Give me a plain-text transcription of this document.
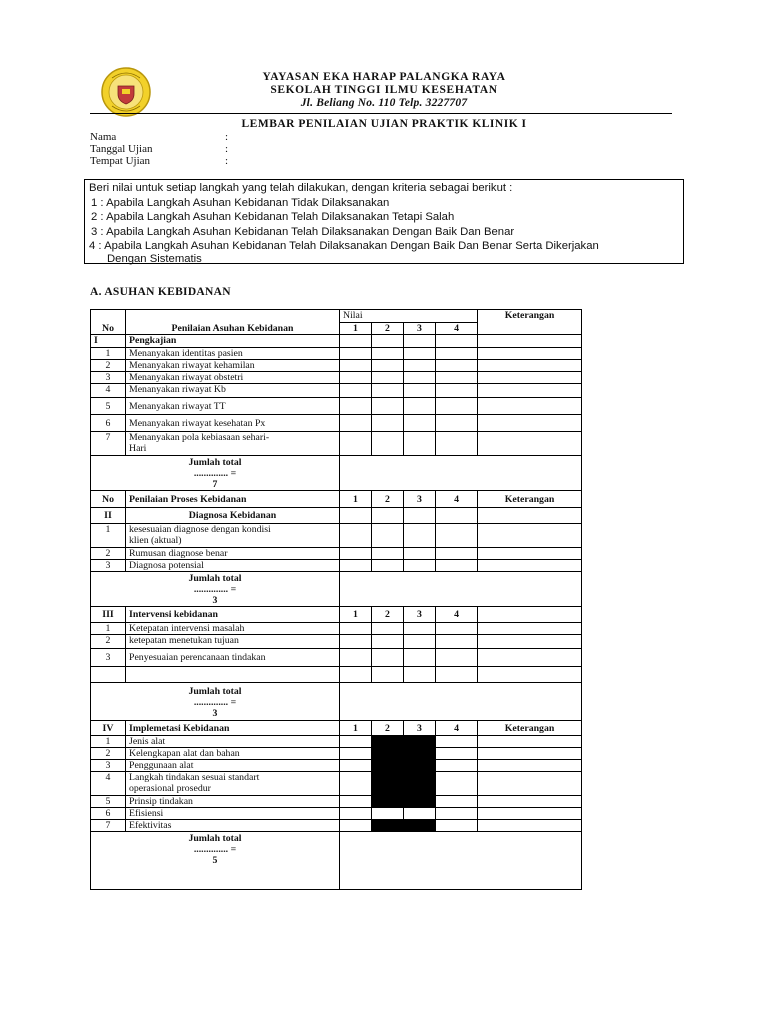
YAYASAN EKA HARAP PALANGKA RAYA
SEKOLAH TINGGI ILMU KESEHATAN
Jl. Beliang No. 110 Telp. 3227707
LEMBAR PENILAIAN UJIAN PRAKTIK KLINIK I
Nama	:
Tanggal Ujian	:
Tempat Ujian	:
Beri nilai untuk setiap langkah yang telah dilakukan, dengan kriteria sebagai berikut :
1 : Apabila Langkah Asuhan Kebidanan Tidak Dilaksanakan
2 : Apabila Langkah Asuhan Kebidanan Telah Dilaksanakan Tetapi Salah
3 : Apabila Langkah Asuhan Kebidanan Telah Dilaksanakan Dengan Baik Dan Benar
4 : Apabila Langkah Asuhan Kebidanan Telah Dilaksanakan Dengan Baik Dan Benar Serta Dikerjakan
Dengan Sistematis
A. ASUHAN KEBIDANAN
No	Penilaian Asuhan Kebidanan	Nilai				Keterangan
		1	2	3	4	
I	Pengkajian					
1	Menanyakan identitas pasien					
2	Menanyakan riwayat kehamilan					
3	Menanyakan riwayat obstetri					
4	Menanyakan riwayat Kb					
5	Menanyakan riwayat TT					
6	Menanyakan riwayat kesehatan Px					
7	Menanyakan pola kebiasaan sehari-
Hari					

Jumlah total
.............. =
7						

No	Penilaian Proses Kebidanan	1	2	3	4	Keterangan
II	Diagnosa Kebidanan					
1	kesesuaian diagnose dengan kondisi
klien (aktual)					
2	Rumusan diagnose benar					
3	Diagnosa potensial					

Jumlah total
.............. =
3						

III	Intervensi kebidanan	1	2	3	4	
1	Ketepatan intervensi masalah					
2	ketepatan menetukan tujuan					
3	Penyesuaian perencanaan tindakan					

Jumlah total
.............. =
3						

IV	Implemetasi Kebidanan	1	2	3	4	Keterangan
1	Jenis alat					
2	Kelengkapan alat dan bahan					
3	Penggunaan alat					
4	Langkah tindakan sesuai standart
operasional prosedur					
5	Prinsip tindakan					
6	Efisiensi					
7	Efektivitas					

Jumlah total
.............. =
5						
